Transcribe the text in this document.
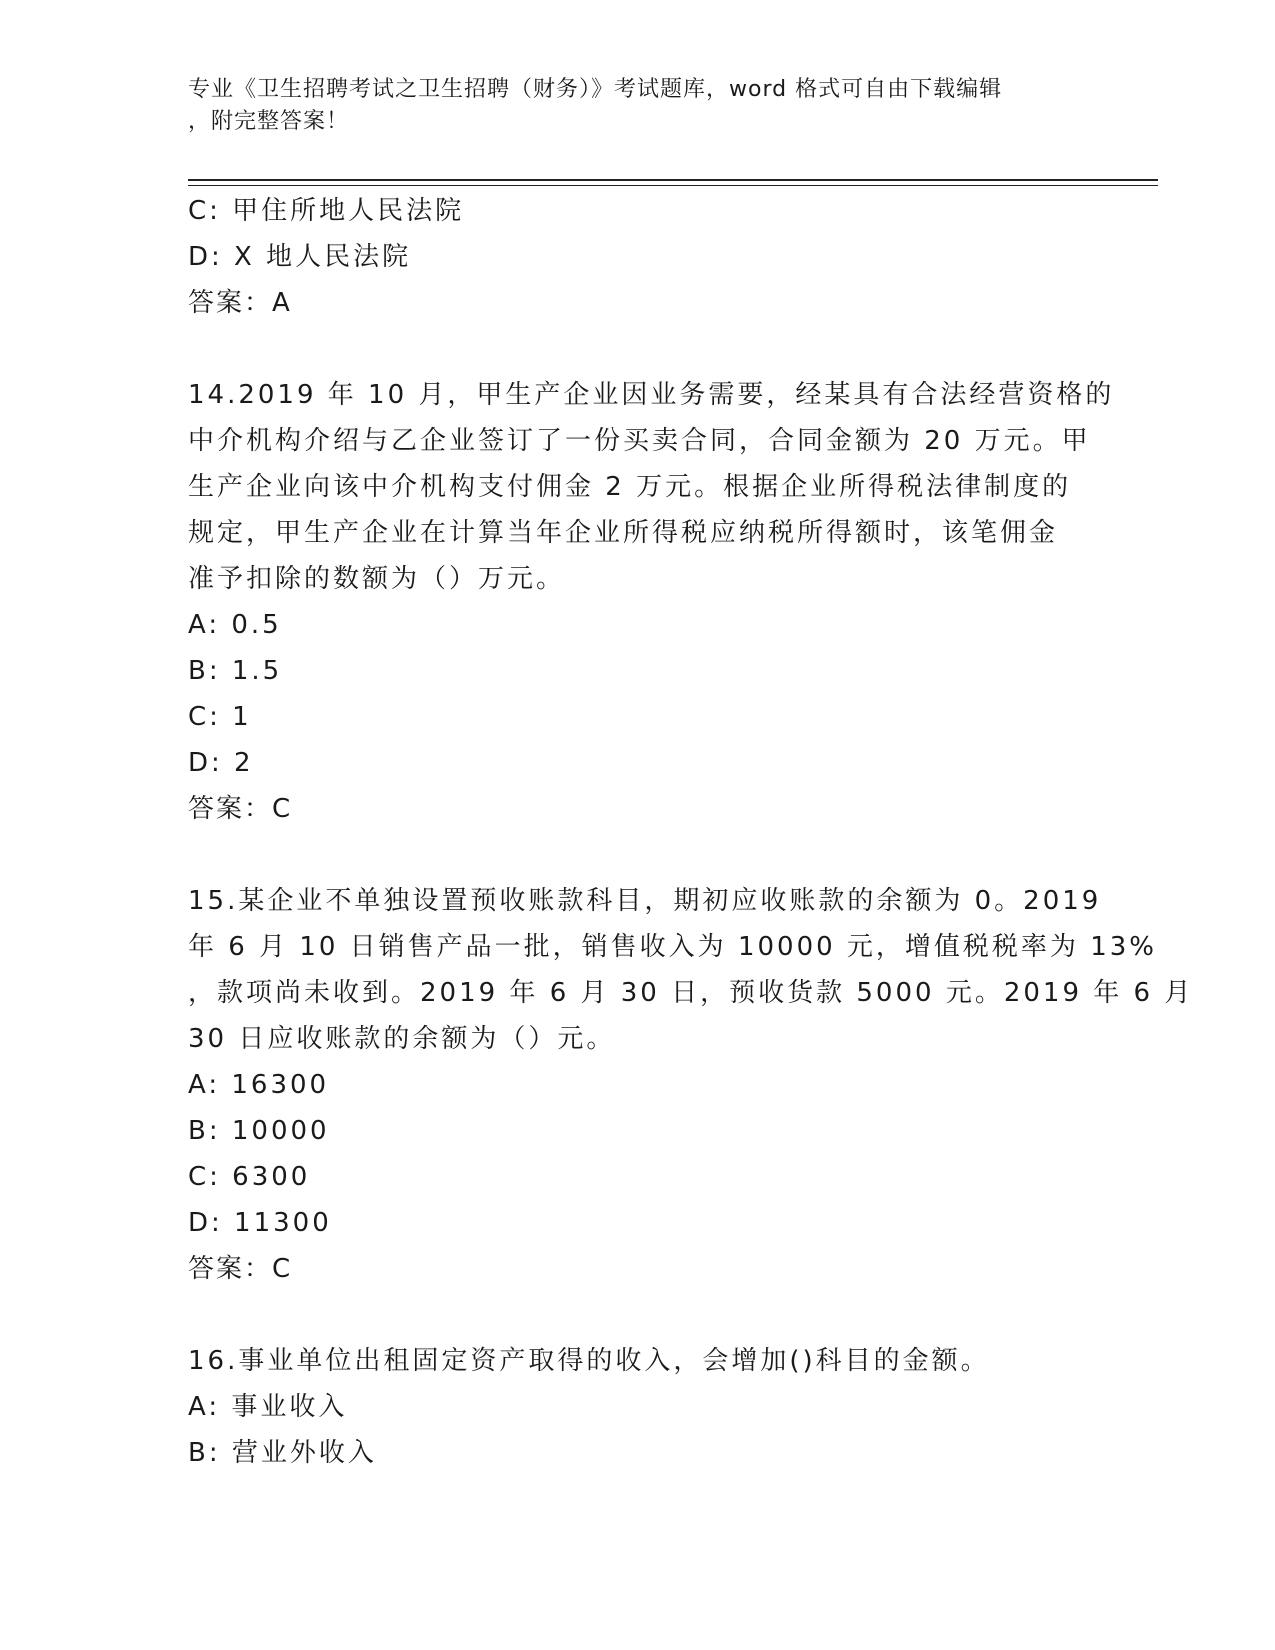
专业《卫生招聘考试之卫生招聘（财务）》考试题库，word 格式可自由下载编辑
，附完整答案！
C: 甲住所地人民法院
D: X 地人民法院
答案：A
14.2019 年 10 月，甲生产企业因业务需要，经某具有合法经营资格的
中介机构介绍与乙企业签订了一份买卖合同，合同金额为 20 万元。甲
生产企业向该中介机构支付佣金 2 万元。根据企业所得税法律制度的
规定，甲生产企业在计算当年企业所得税应纳税所得额时，该笔佣金
准予扣除的数额为（）万元。
A: 0.5
B: 1.5
C: 1
D: 2
答案：C
15.某企业不单独设置预收账款科目，期初应收账款的余额为 0。2019
年 6 月 10 日销售产品一批，销售收入为 10000 元，增值税税率为 13%
，款项尚未收到。2019 年 6 月 30 日，预收货款 5000 元。2019 年 6 月
30 日应收账款的余额为（）元。
A: 16300
B: 10000
C: 6300
D: 11300
答案：C
16.事业单位出租固定资产取得的收入，会增加()科目的金额。
A: 事业收入
B: 营业外收入
